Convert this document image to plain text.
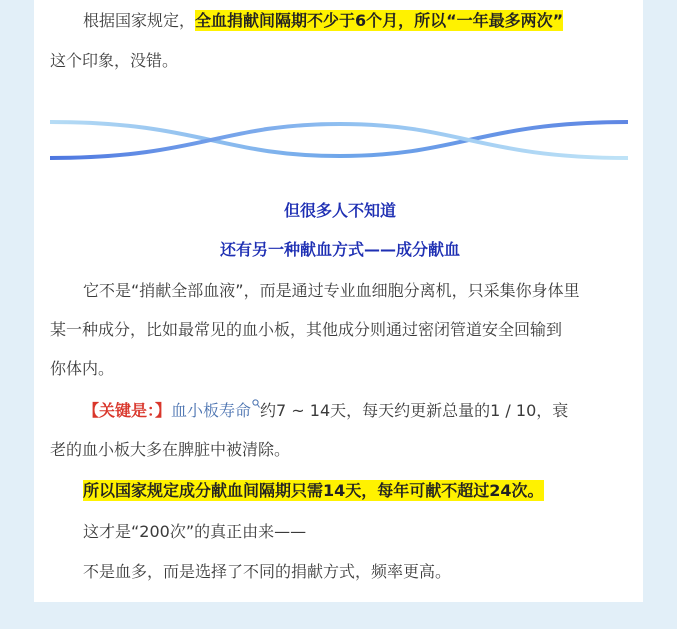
根据国家规定，全血捐献间隔期不少于6个月，所以“一年最多两次”
这个印象，没错。
但很多人不知道
还有另一种献血方式——成分献血
它不是“捎献全部血液”，而是通过专业血细胞分离机，只采集你身体里
某一种成分，比如最常见的血小板，其他成分则通过密闭管道安全回输到
你体内。
【关键是：】血小板寿命 约7 ~ 14天，每天约更新总量的1 / 10，衰
老的血小板大多在脾脏中被清除。
所以国家规定成分献血间隔期只需14天，每年可献不超过24次。
这才是“200次”的真正由来——
不是血多，而是选择了不同的捐献方式，频率更高。
